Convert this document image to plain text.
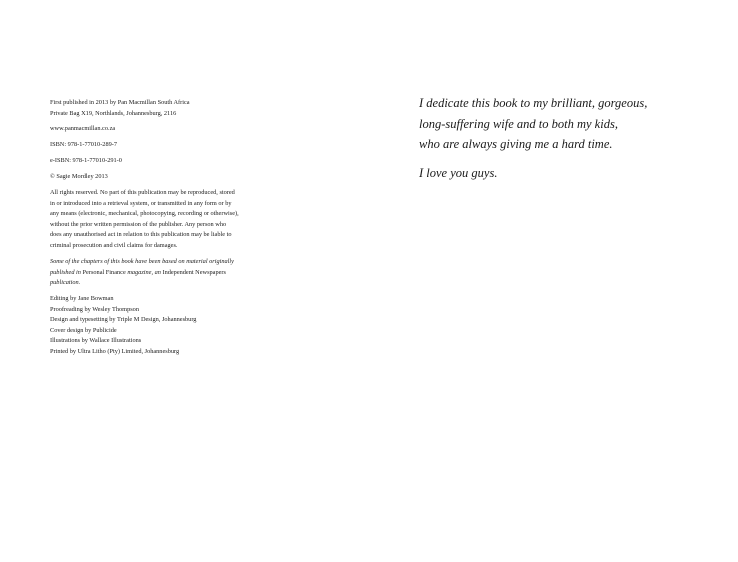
First published in 2013 by Pan Macmillan South Africa
Private Bag X19, Northlands, Johannesburg, 2116

www.panmacmillan.co.za

ISBN: 978-1-77010-289-7

e-ISBN: 978-1-77010-291-0

© Sagie Mordley 2013

All rights reserved. No part of this publication may be reproduced, stored
in or introduced into a retrieval system, or transmitted in any form or by
any means (electronic, mechanical, photocopying, recording or otherwise),
without the prior written permission of the publisher. Any person who
does any unauthorised act in relation to this publication may be liable to
criminal prosecution and civil claims for damages.
Some of the chapters of this book have been based on material originally
published in Personal Finance magazine, an Independent Newspapers
publication.

Editing by Jane Bowman

Proofreading by Wesley Thompson

Design and typesetting by Triple M Design, Johannesburg

Cover design by Publicide

Illustrations by Wallace Illustrations

Printed by Ultra Litho (Pty) Limited, Johannesburg

I dedicate this book to my brilliant, gorgeous,
long-suffering wife and to both my kids,
who are always giving me a hard time.

I love you guys.
